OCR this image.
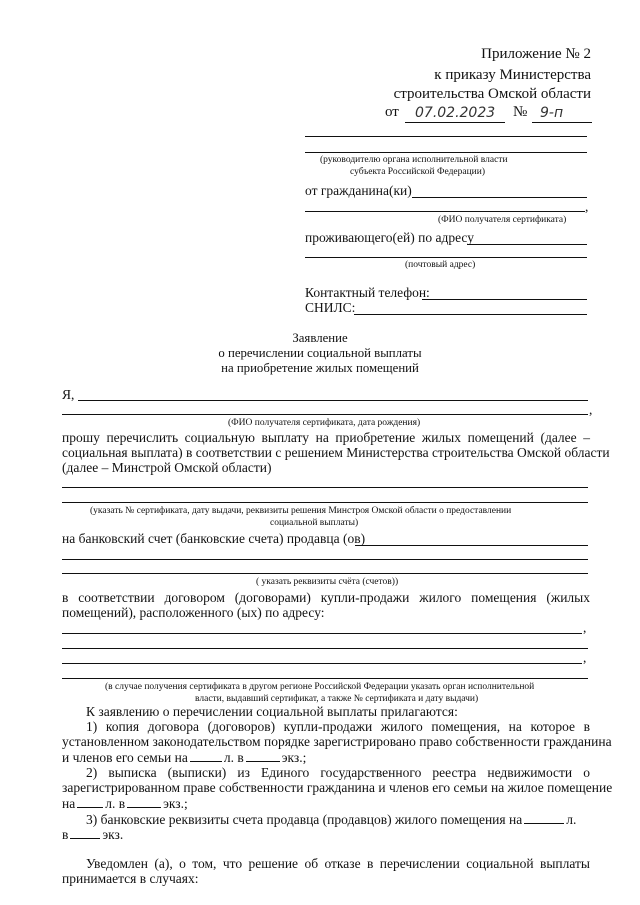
Приложение № 2
к приказу Министерства
строительства Омской области
от 07.02.2023 № 9-п
(руководителю органа исполнительной власти
субъекта Российской Федерации)
от гражданина(ки)
,
(ФИО получателя сертификата)
проживающего(ей) по адресу
(почтовый адрес)
Контактный телефон:
СНИЛС:
Заявление
о перечислении социальной выплаты
на приобретение жилых помещений
Я,
,
(ФИО получателя сертификата, дата рождения)
прошу перечислить социальную выплату на приобретение жилых помещений (далее –
социальная выплата) в соответствии с решением Министерства строительства Омской области
(далее – Минстрой Омской области)
(указать № сертификата, дату выдачи, реквизиты решения Минстроя Омской области о предоставлении
социальной выплаты)
на банковский счет (банковские счета) продавца (ов)
( указать реквизиты счёта (счетов))
в соответствии договором (договорами) купли-продажи жилого помещения (жилых
помещений), расположенного (ых) по адресу:
,
,
(в случае получения сертификата в другом регионе Российской Федерации указать орган исполнительной
власти, выдавший сертификат, а также № сертификата и дату выдачи)
К заявлению о перечислении социальной выплаты прилагаются:
1) копия договора (договоров) купли-продажи жилого помещения, на которое в
установленном законодательством порядке зарегистрировано право собственности гражданина
и членов его семьи на	л. в	экз.;
2) выписка (выписки) из Единого государственного реестра недвижимости о
зарегистрированном праве собственности гражданина и членов его семьи на жилое помещение
на л. в	экз.;
3) банковские реквизиты счета продавца (продавцов) жилого помещения на	л.
в	экз.
Уведомлен (а), о том, что решение об отказе в перечислении социальной выплаты
принимается в случаях:
